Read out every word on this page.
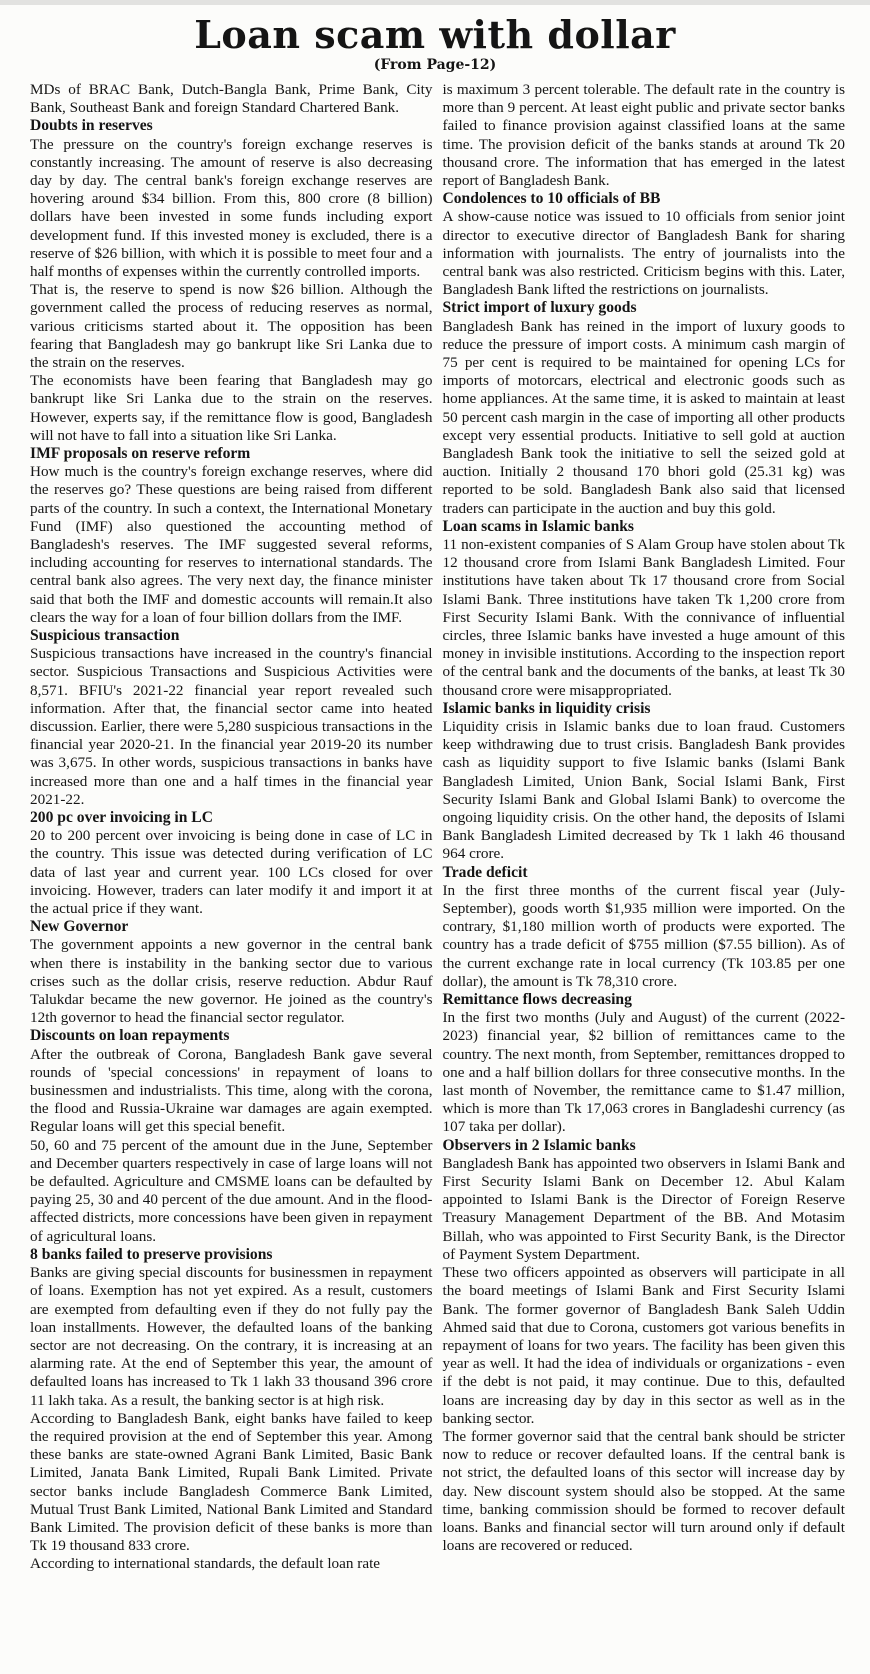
Loan scam with dollar
(From Page-12)

MDs of BRAC Bank, Dutch-Bangla Bank, Prime Bank, City Bank, Southeast Bank and foreign Standard Chartered Bank.

Doubts in reserves

The pressure on the country's foreign exchange reserves is constantly increasing. The amount of reserve is also decreasing day by day. The central bank's foreign exchange reserves are hovering around $34 billion. From this, 800 crore (8 billion) dollars have been invested in some funds including export development fund. If this invested money is excluded, there is a reserve of $26 billion, with which it is possible to meet four and a half months of expenses within the currently controlled imports.

That is, the reserve to spend is now $26 billion. Although the government called the process of reducing reserves as normal, various criticisms started about it. The opposition has been fearing that Bangladesh may go bankrupt like Sri Lanka due to the strain on the reserves.

The economists have been fearing that Bangladesh may go bankrupt like Sri Lanka due to the strain on the reserves. However, experts say, if the remittance flow is good, Bangladesh will not have to fall into a situation like Sri Lanka.

IMF proposals on reserve reform

How much is the country's foreign exchange reserves, where did the reserves go? These questions are being raised from different parts of the country. In such a context, the International Monetary Fund (IMF) also questioned the accounting method of Bangladesh's reserves. The IMF suggested several reforms, including accounting for reserves to international standards. The central bank also agrees. The very next day, the finance minister said that both the IMF and domestic accounts will remain.It also clears the way for a loan of four billion dollars from the IMF.

Suspicious transaction

Suspicious transactions have increased in the country's financial sector. Suspicious Transactions and Suspicious Activities were 8,571. BFIU's 2021-22 financial year report revealed such information. After that, the financial sector came into heated discussion. Earlier, there were 5,280 suspicious transactions in the financial year 2020-21. In the financial year 2019-20 its number was 3,675. In other words, suspicious transactions in banks have increased more than one and a half times in the financial year 2021-22.

200 pc over invoicing in LC

20 to 200 percent over invoicing is being done in case of LC in the country. This issue was detected during verification of LC data of last year and current year. 100 LCs closed for over invoicing. However, traders can later modify it and import it at the actual price if they want.

New Governor

The government appoints a new governor in the central bank when there is instability in the banking sector due to various crises such as the dollar crisis, reserve reduction. Abdur Rauf Talukdar became the new governor. He joined as the country's 12th governor to head the financial sector regulator.

Discounts on loan repayments

After the outbreak of Corona, Bangladesh Bank gave several rounds of 'special concessions' in repayment of loans to businessmen and industrialists. This time, along with the corona, the flood and Russia-Ukraine war damages are again exempted. Regular loans will get this special benefit.

50, 60 and 75 percent of the amount due in the June, September and December quarters respectively in case of large loans will not be defaulted. Agriculture and CMSME loans can be defaulted by paying 25, 30 and 40 percent of the due amount. And in the flood-affected districts, more concessions have been given in repayment of agricultural loans.

8 banks failed to preserve provisions

Banks are giving special discounts for businessmen in repayment of loans. Exemption has not yet expired. As a result, customers are exempted from defaulting even if they do not fully pay the loan installments. However, the defaulted loans of the banking sector are not decreasing. On the contrary, it is increasing at an alarming rate. At the end of September this year, the amount of defaulted loans has increased to Tk 1 lakh 33 thousand 396 crore 11 lakh taka. As a result, the banking sector is at high risk.

According to Bangladesh Bank, eight banks have failed to keep the required provision at the end of September this year. Among these banks are state-owned Agrani Bank Limited, Basic Bank Limited, Janata Bank Limited, Rupali Bank Limited. Private sector banks include Bangladesh Commerce Bank Limited, Mutual Trust Bank Limited, National Bank Limited and Standard Bank Limited. The provision deficit of these banks is more than Tk 19 thousand 833 crore.

According to international standards, the default loan rate

is maximum 3 percent tolerable. The default rate in the country is more than 9 percent. At least eight public and private sector banks failed to finance provision against classified loans at the same time. The provision deficit of the banks stands at around Tk 20 thousand crore. The information that has emerged in the latest report of Bangladesh Bank.

Condolences to 10 officials of BB

A show-cause notice was issued to 10 officials from senior joint director to executive director of Bangladesh Bank for sharing information with journalists. The entry of journalists into the central bank was also restricted. Criticism begins with this. Later, Bangladesh Bank lifted the restrictions on journalists.

Strict import of luxury goods

Bangladesh Bank has reined in the import of luxury goods to reduce the pressure of import costs. A minimum cash margin of 75 per cent is required to be maintained for opening LCs for imports of motorcars, electrical and electronic goods such as home appliances. At the same time, it is asked to maintain at least 50 percent cash margin in the case of importing all other products except very essential products. Initiative to sell gold at auction Bangladesh Bank took the initiative to sell the seized gold at auction. Initially 2 thousand 170 bhori gold (25.31 kg) was reported to be sold. Bangladesh Bank also said that licensed traders can participate in the auction and buy this gold.

Loan scams in Islamic banks

11 non-existent companies of S Alam Group have stolen about Tk 12 thousand crore from Islami Bank Bangladesh Limited. Four institutions have taken about Tk 17 thousand crore from Social Islami Bank. Three institutions have taken Tk 1,200 crore from First Security Islami Bank. With the connivance of influential circles, three Islamic banks have invested a huge amount of this money in invisible institutions. According to the inspection report of the central bank and the documents of the banks, at least Tk 30 thousand crore were misappropriated.

Islamic banks in liquidity crisis

Liquidity crisis in Islamic banks due to loan fraud. Customers keep withdrawing due to trust crisis. Bangladesh Bank provides cash as liquidity support to five Islamic banks (Islami Bank Bangladesh Limited, Union Bank, Social Islami Bank, First Security Islami Bank and Global Islami Bank) to overcome the ongoing liquidity crisis. On the other hand, the deposits of Islami Bank Bangladesh Limited decreased by Tk 1 lakh 46 thousand 964 crore.

Trade deficit

In the first three months of the current fiscal year (July-September), goods worth $1,935 million were imported. On the contrary, $1,180 million worth of products were exported. The country has a trade deficit of $755 million ($7.55 billion). As of the current exchange rate in local currency (Tk 103.85 per one dollar), the amount is Tk 78,310 crore.

Remittance flows decreasing

In the first two months (July and August) of the current (2022-2023) financial year, $2 billion of remittances came to the country. The next month, from September, remittances dropped to one and a half billion dollars for three consecutive months. In the last month of November, the remittance came to $1.47 million, which is more than Tk 17,063 crores in Bangladeshi currency (as 107 taka per dollar).

Observers in 2 Islamic banks

Bangladesh Bank has appointed two observers in Islami Bank and First Security Islami Bank on December 12. Abul Kalam appointed to Islami Bank is the Director of Foreign Reserve Treasury Management Department of the BB. And Motasim Billah, who was appointed to First Security Bank, is the Director of Payment System Department.

These two officers appointed as observers will participate in all the board meetings of Islami Bank and First Security Islami Bank. The former governor of Bangladesh Bank Saleh Uddin Ahmed said that due to Corona, customers got various benefits in repayment of loans for two years. The facility has been given this year as well. It had the idea of individuals or organizations - even if the debt is not paid, it may continue. Due to this, defaulted loans are increasing day by day in this sector as well as in the banking sector.

The former governor said that the central bank should be stricter now to reduce or recover defaulted loans. If the central bank is not strict, the defaulted loans of this sector will increase day by day. New discount system should also be stopped. At the same time, banking commission should be formed to recover default loans. Banks and financial sector will turn around only if default loans are recovered or reduced.
